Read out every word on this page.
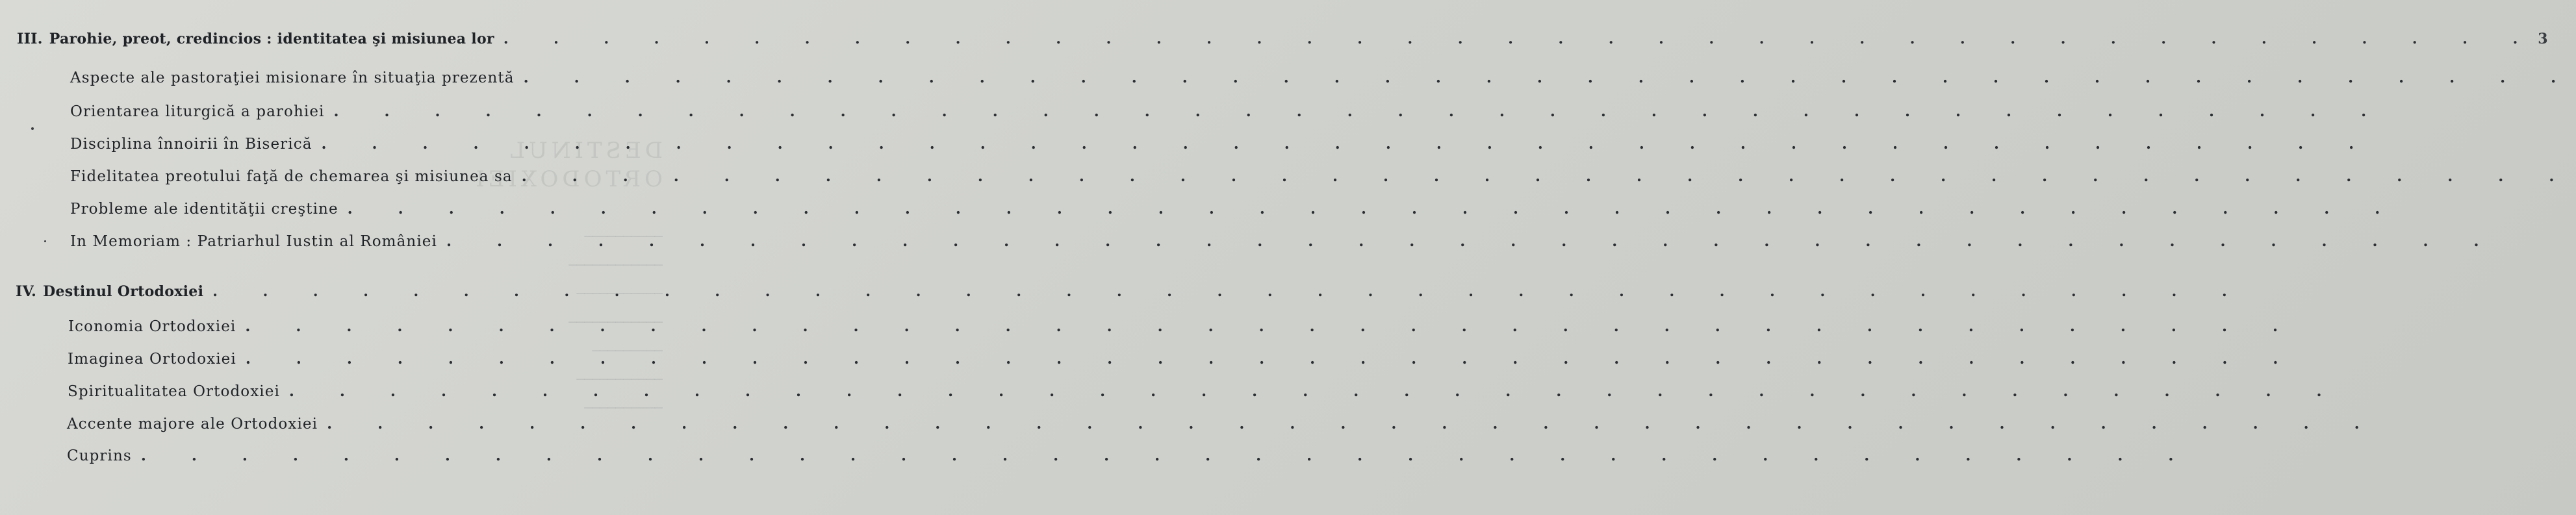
DESTINUL ORTODOXIEI

──────────
────────────
───────────
────────────
─────────
───────────
──────────
III. Parohie, preot, credincios : identitatea şi misiunea lor
. . .	3
Aspecte ale pastoraţiei misionare în situaţia prezentă
. . .
Orientarea liturgică a parohiei
. . .
Disciplina înnoirii în Biserică
. . .
Fidelitatea preotului faţă de chemarea şi misiunea sa
. . .
Probleme ale identităţii creştine
. . .
In Memoriam : Patriarhul Iustin al României
. . .
IV. Destinul Ortodoxiei
. . .
Iconomia Ortodoxiei
. . .
Imaginea Ortodoxiei
. . .
Spiritualitatea Ortodoxiei
. . .
Accente majore ale Ortodoxiei
. . .
Cuprins
. . .
